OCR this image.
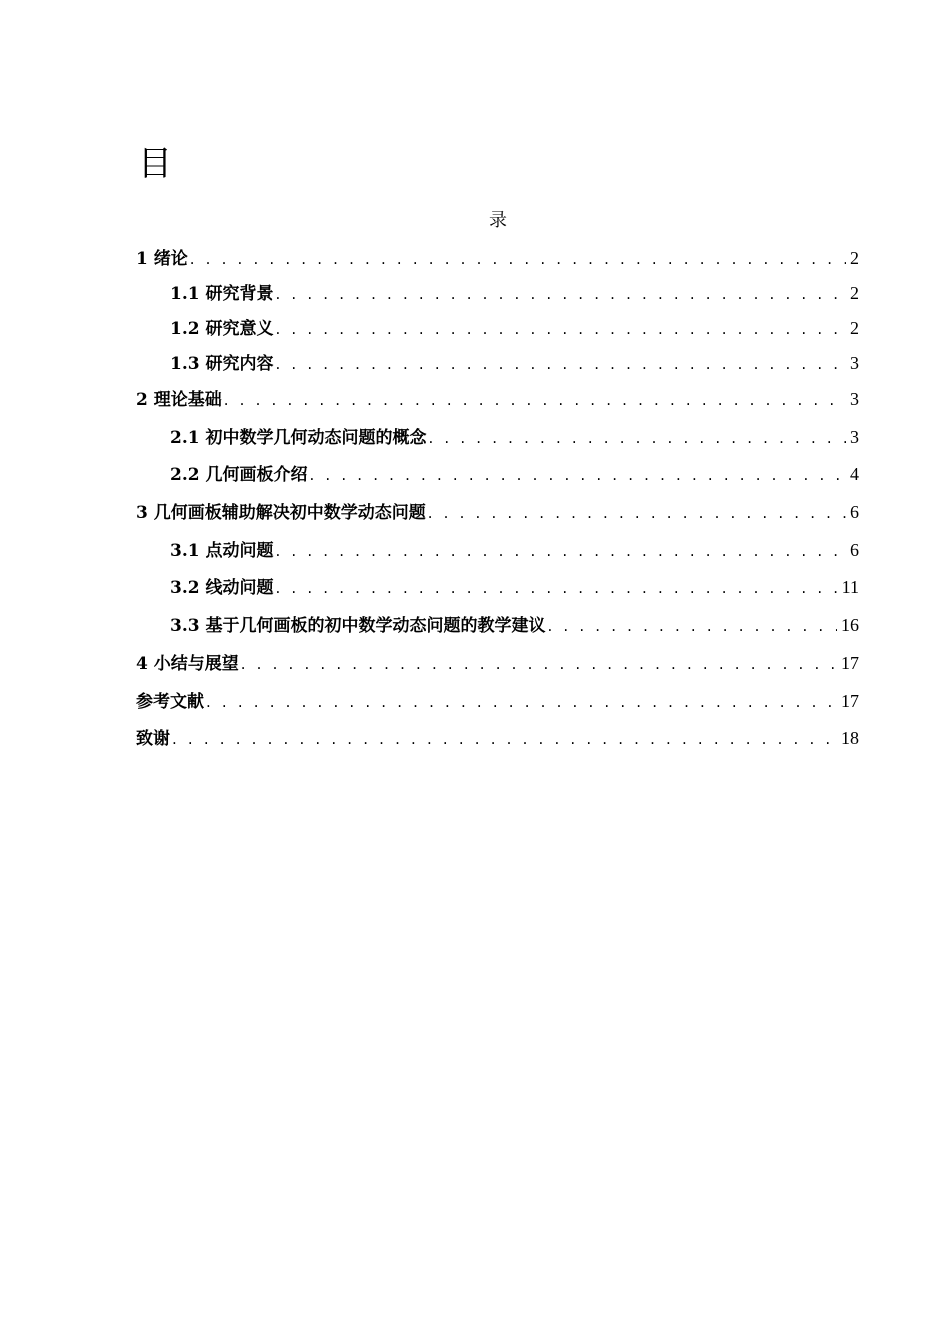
目
录
1 绪论 . . .	2
1.1 研究背景 . . .	2
1.2 研究意义 . . .	2
1.3 研究内容 . . .	3
2 理论基础 . . .	3
2.1 初中数学几何动态问题的概念 . . .	3
2.2 几何画板介绍 . . .	4
3 几何画板辅助解决初中数学动态问题 . . .	6
3.1 点动问题 . . .	6
3.2 线动问题 . . .	11
3.3 基于几何画板的初中数学动态问题的教学建议 . . .	16
4 小结与展望 . . .	17
参考文献 . . .	17
致谢 . . .	18
